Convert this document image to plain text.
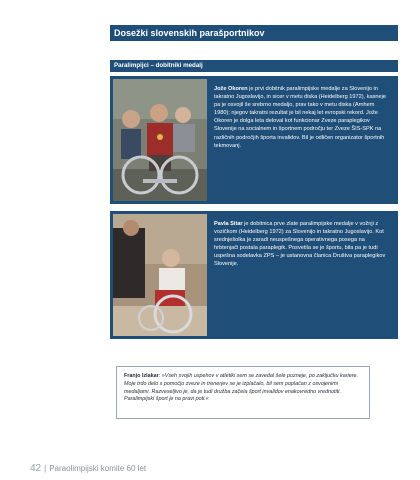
Dosežki slovenskih parašportnikov
Paralimpijci – dobitniki medalj
Jože Okoren je prvi dobitnik paralimpijske medalje za Slovenijo in takratno Jugoslavijo, in sicer v metu diska (Heidelberg 1972), kasneje pa je osvojil še srebrno medaljo, prav tako v metu diska (Arnhem 1980); njegov takratni rezultat je bil nekaj let evropski rekord. Jože Okoren je dolga leta deloval kot funkcionar Zveze paraplegikov Slovenije na socialnem in športnem področju ter Zveze ŠIS-SPK na različnih področjih športa invalidov. Bil je odličen organizator športnih tekmovanj.
Pavla Sitar je dobitnica prve zlate paralimpijske medalje v vožnji z vozičkom (Heidelberg 1972) za Slovenijo in takratno Jugoslavijo. Kot srednješolka je zaradi neuspešnega operativnega posega na hrbtenjači postala paraplegik. Posvetila se je športu, bila pa je tudi uspešna sodelavka ZPS – je ustanovna članica Društva paraplegikov Slovenije.
Franjo Izlakar: »Vseh svojih uspehov v atletiki sem se zavedal šele pozneje, po zaključku kariere. Moje trdo delo s pomočjo zveze in trenerjev se je izplačalo, bil sem poplačan z osvojenimi medaljami. Razveseljivo je, da je tudi družba začela šport invalidov enakovredno vrednotiti. Paralimpijski šport je na pravi poti.«
42 | Paraolimpijski komite 60 let
